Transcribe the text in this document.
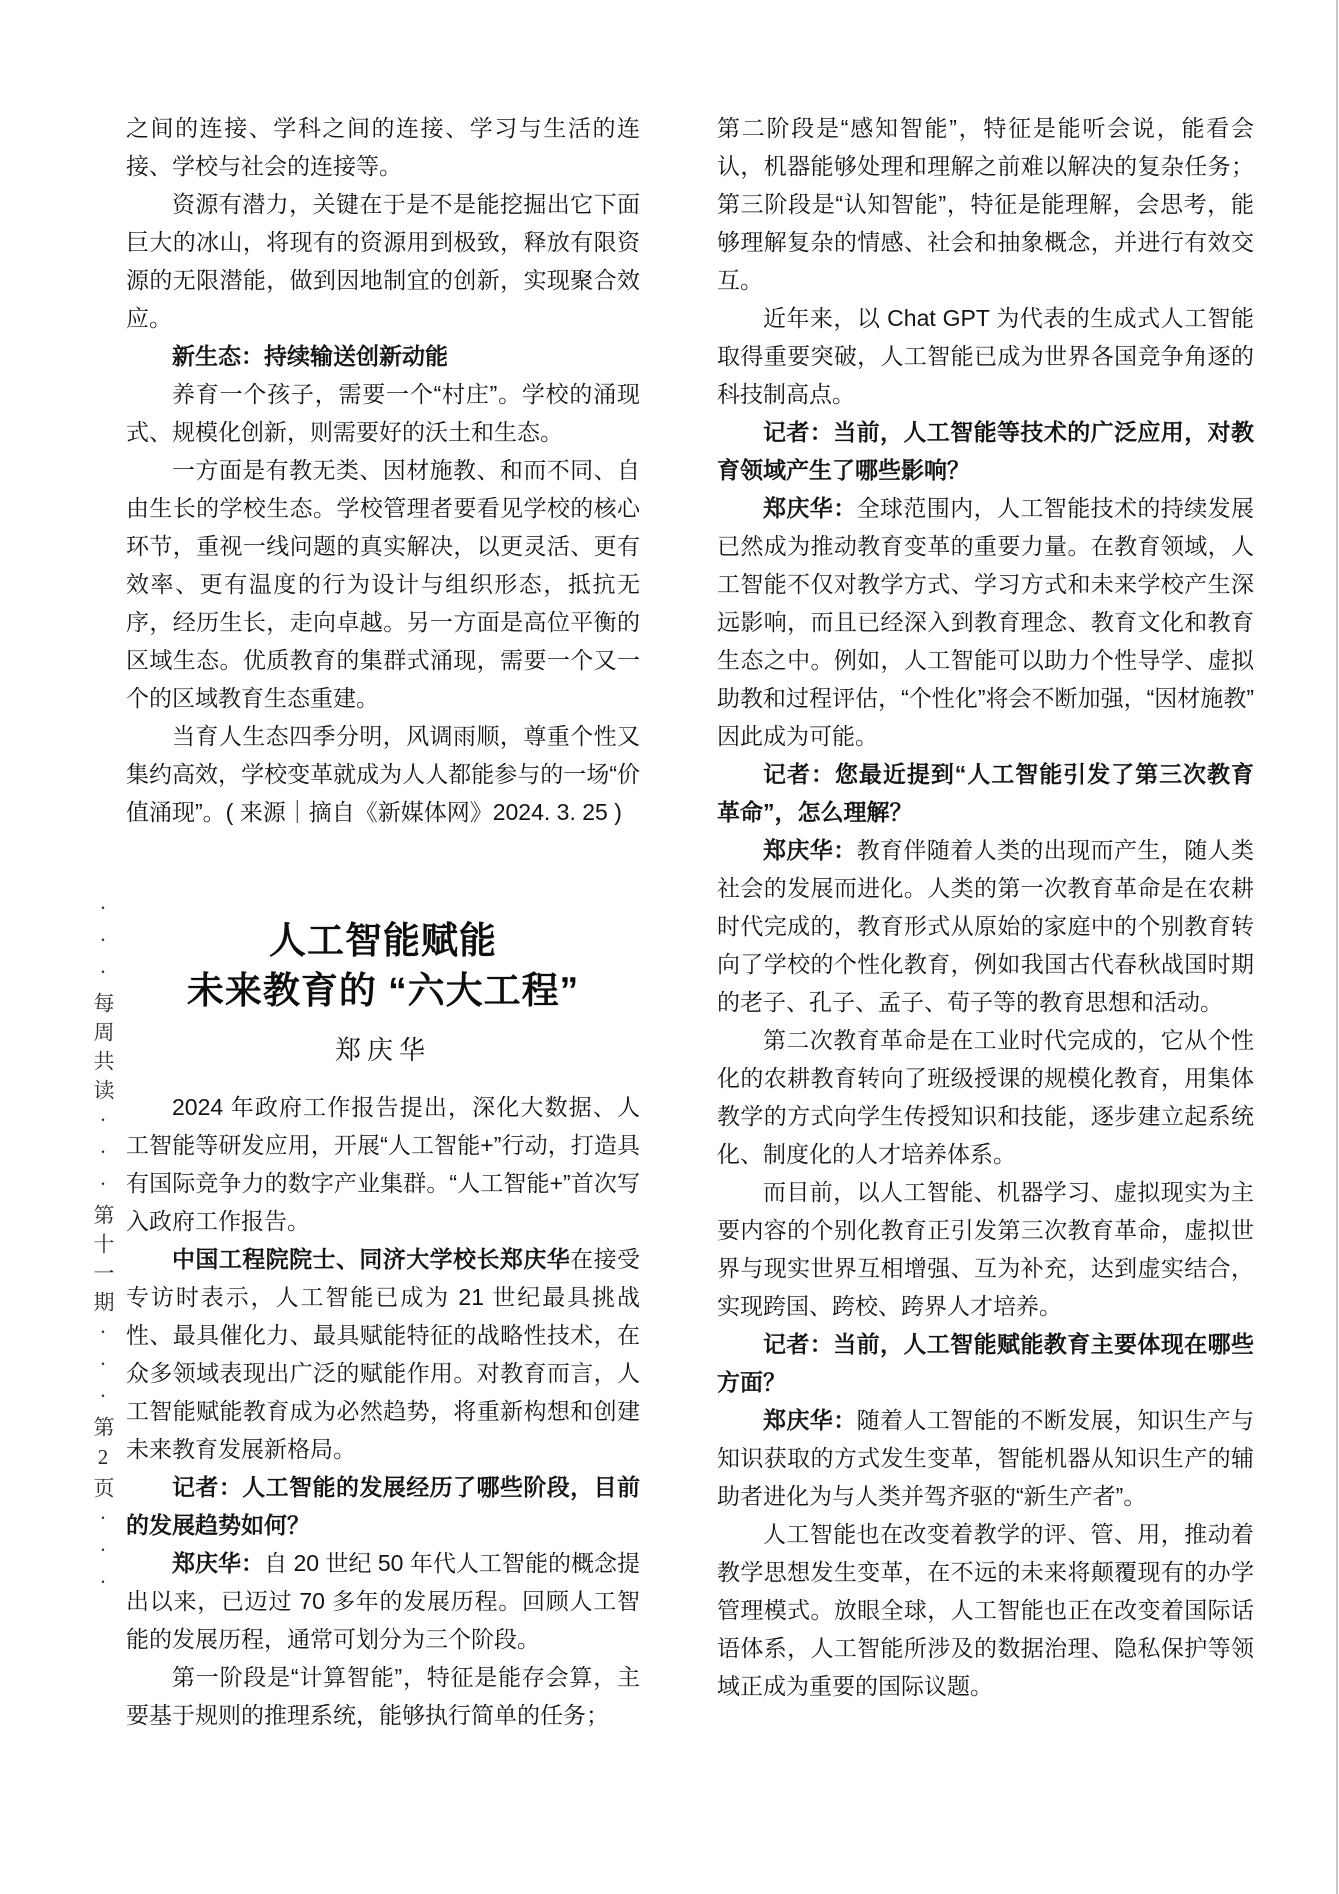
···每周共读···第十一期···第2页···
之间的连接、学科之间的连接、学习与生活的连接、学校与社会的连接等。
资源有潜力，关键在于是不是能挖掘出它下面巨大的冰山，将现有的资源用到极致，释放有限资源的无限潜能，做到因地制宜的创新，实现聚合效应。
新生态：持续输送创新动能
养育一个孩子，需要一个“村庄”。学校的涌现式、规模化创新，则需要好的沃土和生态。
一方面是有教无类、因材施教、和而不同、自由生长的学校生态。学校管理者要看见学校的核心环节，重视一线问题的真实解决，以更灵活、更有效率、更有温度的行为设计与组织形态，抵抗无序，经历生长，走向卓越。另一方面是高位平衡的区域生态。优质教育的集群式涌现，需要一个又一个的区域教育生态重建。
当育人生态四季分明，风调雨顺，尊重个性又集约高效，学校变革就成为人人都能参与的一场“价值涌现”。( 来源｜摘自《新媒体网》2024. 3. 25 )
人工智能赋能
未来教育的 “六大工程”
郑庆华
2024 年政府工作报告提出，深化大数据、人工智能等研发应用，开展“人工智能+”行动，打造具有国际竞争力的数字产业集群。“人工智能+”首次写入政府工作报告。
中国工程院院士、同济大学校长郑庆华在接受专访时表示，人工智能已成为 21 世纪最具挑战性、最具催化力、最具赋能特征的战略性技术，在众多领域表现出广泛的赋能作用。对教育而言，人工智能赋能教育成为必然趋势，将重新构想和创建未来教育发展新格局。
记者：人工智能的发展经历了哪些阶段，目前的发展趋势如何？
郑庆华：自 20 世纪 50 年代人工智能的概念提出以来，已迈过 70 多年的发展历程。回顾人工智能的发展历程，通常可划分为三个阶段。
第一阶段是“计算智能”，特征是能存会算，主要基于规则的推理系统，能够执行简单的任务；
第二阶段是“感知智能”，特征是能听会说，能看会认，机器能够处理和理解之前难以解决的复杂任务；第三阶段是“认知智能”，特征是能理解，会思考，能够理解复杂的情感、社会和抽象概念，并进行有效交互。
近年来，以 Chat GPT 为代表的生成式人工智能取得重要突破，人工智能已成为世界各国竞争角逐的科技制高点。
记者：当前，人工智能等技术的广泛应用，对教育领域产生了哪些影响？
郑庆华：全球范围内，人工智能技术的持续发展已然成为推动教育变革的重要力量。在教育领域，人工智能不仅对教学方式、学习方式和未来学校产生深远影响，而且已经深入到教育理念、教育文化和教育生态之中。例如，人工智能可以助力个性导学、虚拟助教和过程评估，“个性化”将会不断加强，“因材施教”因此成为可能。
记者：您最近提到“人工智能引发了第三次教育革命”，怎么理解？
郑庆华：教育伴随着人类的出现而产生，随人类社会的发展而进化。人类的第一次教育革命是在农耕时代完成的，教育形式从原始的家庭中的个别教育转向了学校的个性化教育，例如我国古代春秋战国时期的老子、孔子、孟子、荀子等的教育思想和活动。
第二次教育革命是在工业时代完成的，它从个性化的农耕教育转向了班级授课的规模化教育，用集体教学的方式向学生传授知识和技能，逐步建立起系统化、制度化的人才培养体系。
而目前，以人工智能、机器学习、虚拟现实为主要内容的个别化教育正引发第三次教育革命，虚拟世界与现实世界互相增强、互为补充，达到虚实结合，实现跨国、跨校、跨界人才培养。
记者：当前，人工智能赋能教育主要体现在哪些方面？
郑庆华：随着人工智能的不断发展，知识生产与知识获取的方式发生变革，智能机器从知识生产的辅助者进化为与人类并驾齐驱的“新生产者”。
人工智能也在改变着教学的评、管、用，推动着教学思想发生变革，在不远的未来将颠覆现有的办学管理模式。放眼全球，人工智能也正在改变着国际话语体系，人工智能所涉及的数据治理、隐私保护等领域正成为重要的国际议题。
